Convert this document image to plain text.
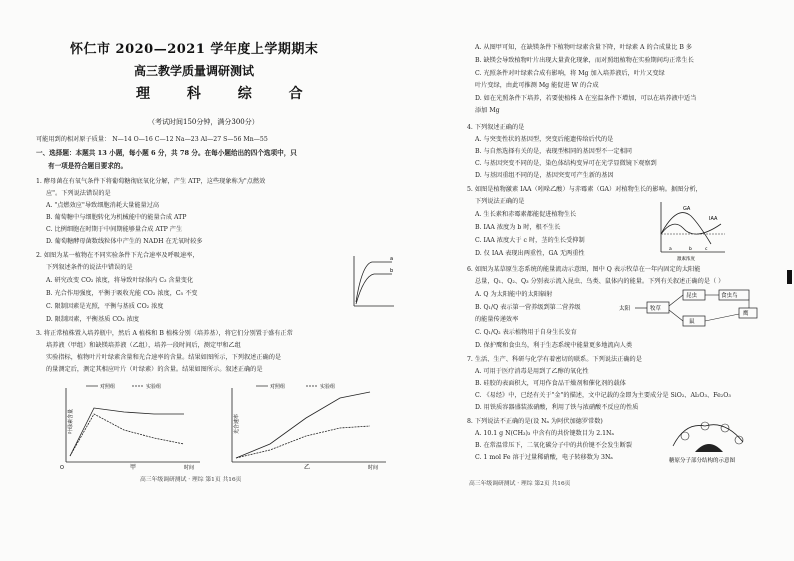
怀仁市 2020—2021 学年度上学期期末
高三教学质量调研测试
理 科 综 合
（考试时间150分钟，满分300分）
可能用到的相对原子质量： N—14 O—16 C—12 Na—23 Al—27 S—56 Mn—55
一、选择题：本题共 13 小题，每小题 6 分，共 78 分。在每小题给出的四个选项中，只
有一项是符合题目要求的。
1. 酵母菌在有氧气条件下将葡萄糖彻底氧化分解，产生 ATP，这些现象称为"点燃效
应"。下列说法错误的是
A. "点燃效应"导致细胞消耗大量能量过高
B. 葡萄糖中与细胞转化为机械能中的能量合成 ATP
C. 比例细胞在时期于中间期能够量合成 ATP 产生
D. 葡萄糖酵母菌数线粒体中产生的 NADH 在无氧时较多
2. 如图为某一植物在不同实验条件下光合速率及呼吸速率，
下列叙述条件的说法中错误的是
A. 研究改变 CO₂ 浓度，将导致叶绿体内 C₃ 含量变化
B. 光合作用强度，平衡于吸收光能 CO₂ 浓度，C₅ 不变
C. 限制因素是光照，平衡与基质 CO₂ 浓度
D. 限制因素，平衡基质 CO₂ 浓度
a
b
3. 将正常植株置入培养瓶中，然后 A 植株和 B 植株分别（培养基），将它们分别置于盛有正常
培养液（甲组）和缺镁培养液（乙组），培养一段时间后，测定甲和乙组
实验指标，植物叶片叶绿素含量和光合速率的含量。结果如图所示，下列叙述正确的是
的量测定后，测定其相应叶片（叶绿素）的含量。结果如图所示。叙述正确的是
叶绿素含量
时间
甲
O
对照组	实验组
光合速率
时间
乙
对照组	实验组
高三年级调研测试 · 理综 第1页 共16页
A. 从图甲可知，在缺镁条件下植物叶绿素含量下降，叶绿素 A 的合成量比 B 多
B. 缺镁会导致植物叶片出现大量黄化现象，而对照组植物在实验期间均正常生长
C. 光照条件对叶绿素合成有影响，将 Mg 加入培养液后，叶片又变绿
叶片变绿，由此可推测 Mg 能促进 W 的合成
D. 如在光照条件下培养，若要使植株 A 在室温条件下增加，可以在培养液中适当
添加 Mg
4. 下列叙述正确的是
A. 与突变性状的基因型，突变后能遗传给后代的是
B. 与自然选择有关的是，表现型相同的基因型不一定相同
C. 与基因突变不同的是，染色体结构变异可在光学显微镜下观察到
D. 与基因重组不同的是，基因突变可产生新的基因
5. 如图是植物激素 IAA（吲哚乙酸）与赤霉素（GA）对植物生长的影响。据图分析，
下列说法正确的是
A. 生长素和赤霉素都能促进植物生长
B. IAA 浓度为 b 时，根不生长
C. IAA 浓度大于 c 时，茎的生长受抑制
D. 仅 IAA 表现出两重性，GA 无两重性
GA
IAA
a	b	c
激素浓度
6. 如图为某草原生态系统的能量流动示意图，图中 Q 表示牧草在一年内固定的太阳能
总量，Q₁、Q₂、Q₃ 分别表示流入昆虫、鸟类、鼠体内的能量。下列有关叙述正确的是（ ）
A. Q 为太阳能中的太阳辐射
B. Q₁/Q 表示第一营养级到第二营养级
的能量传递效率
C. Q₁/Q₂ 表示植物用于自身生长发育
D. 保护鹰和食虫鸟，利于生态系统中能量更多地流向人类
太阳	牧草
昆虫	食虫鸟
鼠
鹰
7. 生活、生产、科研与化学有着密切的联系。下列说法正确的是
A. 可用于医疗消毒是用到了乙醇的氧化性
B. 硅胶的表面积大，可用作食品干燥剂和催化剂的载体
C. 《易经》中，已经有关于"金"的描述，文中记载的金即为主要成分是 SiO₂、Al₂O₃、Fe₂O₃
D. 用铁质容器盛装浓硝酸，利用了铁与浓硝酸不反应的性质
8. 下列说法不正确的是(设 Nₐ 为阿伏加德罗常数)
A. 10.1 g N(CH₃)₃ 中含有的共价键数目为 2.1Nₐ
B. 在常温常压下，二氧化碳分子中的共价键不会发生断裂
C. 1 mol Fe 溶于过量稀硝酸，电子转移数为 3Nₐ	糖原分子部分结构的示意图
高三年级调研测试 · 理综 第2页 共16页
